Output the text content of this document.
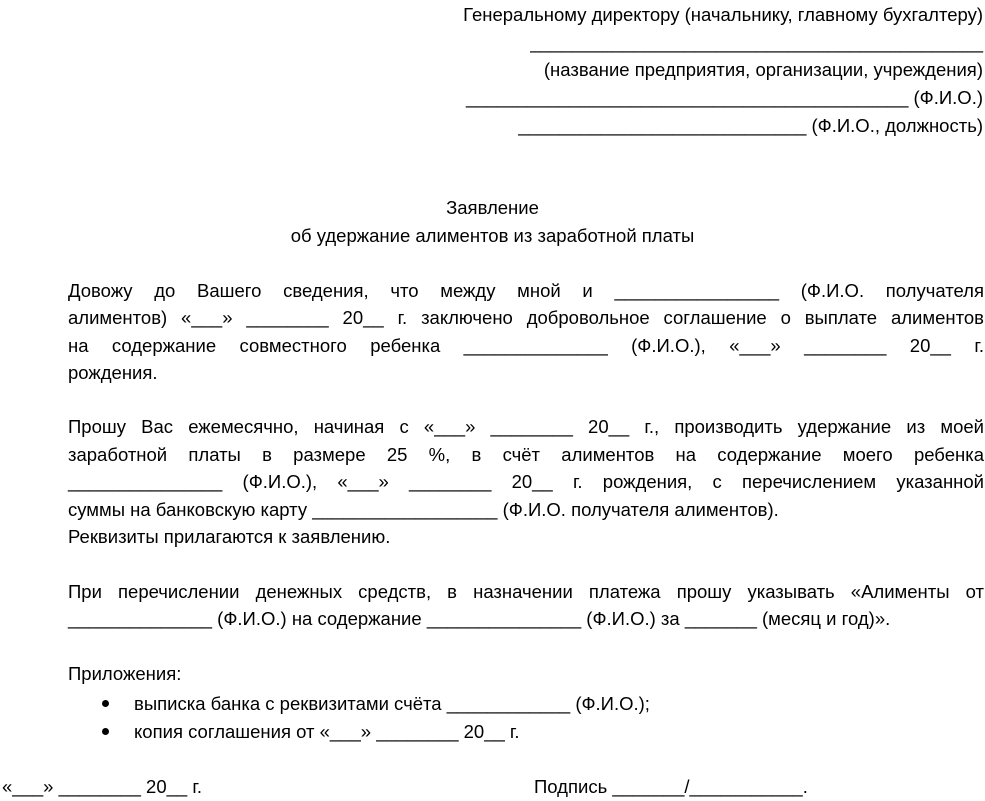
Генеральному директору (начальнику, главному бухгалтеру)
____________________________________________
(название предприятия, организации, учреждения)
___________________________________________ (Ф.И.О.)
____________________________ (Ф.И.О., должность)
Заявление
об удержание алиментов из заработной платы
Довожу до Вашего сведения, что между мной и ________________ (Ф.И.О. получателя
алиментов) «___» ________ 20__ г. заключено добровольное соглашение о выплате алиментов
на содержание совместного ребенка ______________ (Ф.И.О.), «___» ________ 20__ г.
рождения.
Прошу Вас ежемесячно, начиная с «___» ________ 20__ г., производить удержание из моей
заработной платы в размере 25 %, в счёт алиментов на содержание моего ребенка
_______________ (Ф.И.О.), «___» ________ 20__ г. рождения, с перечислением указанной
суммы на банковскую карту __________________ (Ф.И.О. получателя алиментов).
Реквизиты прилагаются к заявлению.
При перечислении денежных средств, в назначении платежа прошу указывать «Алименты от
______________ (Ф.И.О.) на содержание _______________ (Ф.И.О.) за _______ (месяц и год)».
Приложения:
выписка банка с реквизитами счёта ____________ (Ф.И.О.);
копия соглашения от «___» ________ 20__ г.
«___» ________ 20__ г.	Подпись _______/___________.
